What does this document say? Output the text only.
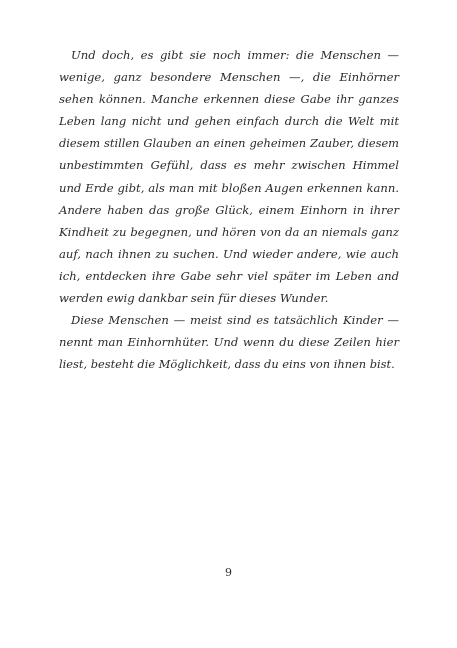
Und doch, es gibt sie noch immer: die Menschen —
wenige, ganz besondere Menschen —, die Einhörner
sehen können. Manche erkennen diese Gabe ihr ganzes
Leben lang nicht und gehen einfach durch die Welt mit
diesem stillen Glauben an einen geheimen Zauber, diesem
unbestimmten Gefühl, dass es mehr zwischen Himmel
und Erde gibt, als man mit bloßen Augen erkennen kann.
Andere haben das große Glück, einem Einhorn in ihrer
Kindheit zu begegnen, und hören von da an niemals ganz
auf, nach ihnen zu suchen. Und wieder andere, wie auch
ich, entdecken ihre Gabe sehr viel später im Leben and
werden ewig dankbar sein für dieses Wunder.
Diese Menschen — meist sind es tatsächlich Kinder —
nennt man Einhornhüter. Und wenn du diese Zeilen hier
liest, besteht die Möglichkeit, dass du eins von ihnen bist.
9
